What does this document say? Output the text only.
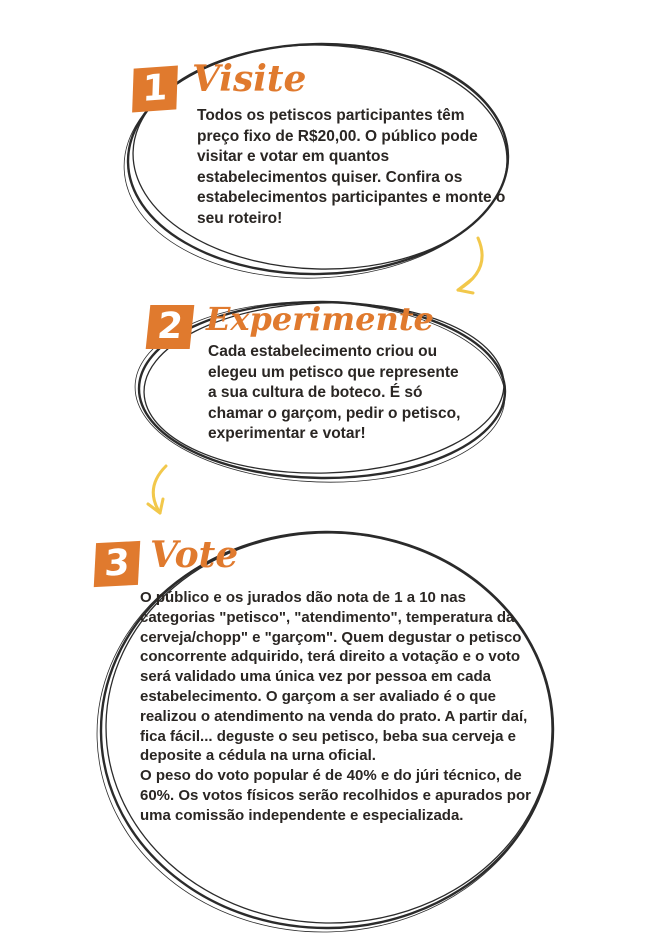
1 Visite

Todos os petiscos participantes têm preço fixo de R$20,00. O público pode visitar e votar em quantos estabelecimentos quiser. Confira os estabelecimentos participantes e monte o seu roteiro!

2 Experimente

Cada estabelecimento criou ou elegeu um petisco que represente a sua cultura de boteco. É só chamar o garçom, pedir o petisco, experimentar e votar!

3 Vote

O público e os jurados dão nota de 1 a 10 nas categorias "petisco", "atendimento", temperatura da cerveja/chopp" e "garçom". Quem degustar o petisco concorrente adquirido, terá direito a votação e o voto será validado uma única vez por pessoa em cada estabelecimento. O garçom a ser avaliado é o que realizou o atendimento na venda do prato. A partir daí, fica fácil... deguste o seu petisco, beba sua cerveja e deposite a cédula na urna oficial.

O peso do voto popular é de 40% e do júri técnico, de 60%. Os votos físicos serão recolhidos e apurados por uma comissão independente e especializada.
